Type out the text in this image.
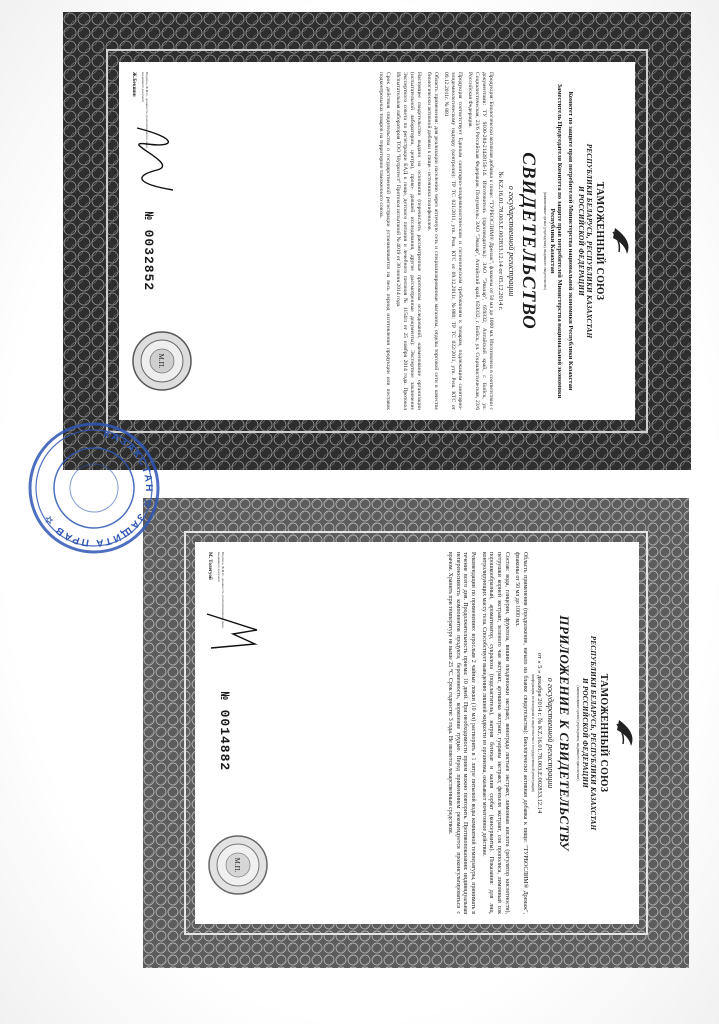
ТАМОЖЕННЫЙ СОЮЗ
РЕСПУБЛИКИ БЕЛАРУСЬ, РЕСПУБЛИКИ КАЗАХСТАН
И РОССИЙСКОЙ ФЕДЕРАЦИИ
Комитет по защите прав потребителей Министерства национальной экономики Республики Казахстан
Заместитель Председателя Комитета по защите прав потребителей Министерства национальной экономики Республики Казахстан
(наименование органа (учреждения), выдавшего свидетельство)
СВИДЕТЕЛЬСТВО
о государственной регистрации
№ KZ.16.01.78.003.E.002833.12.14 от 05.12.2014 г.
Продукция: Биологически активная добавка к пище: "ТУРБОСЛИМ® Дренаж", флаконы от 50 мл до 1000 мл. Изготовлена в соответствии с документами: ТУ 9100-284-21428156-14. Изготовитель (производитель): ЗАО "Эвалар", 659332, Алтайский край, г. Бийск, ул. Социалистическая, 23/6 Российская Федерация. Получатель: ЗАО "Эвалар", Алтайский край, 659332, г. Бийск, ул. Социалистическая, 23/6 Российская Федерация.
Продукция соответствует Единым санитарно-эпидемиологическим и гигиеническим требованиям к товарам, подлежащим санитарно-эпидемиологическому надзору (контролю): ТР ТС 021/2011, утв. Реш. КТС от 09.12.2011г. №880; ТР ТС 022/2011, утв. Реш. КТС от 09.12.2011г. № 881
Область применения: для реализации населению через аптечную сеть и специализированные магазины, отделы торговой сети в качестве биологически активной добавки к пище - источника полифенолов.
Настоящее свидетельство выдано на основании (перечислить рассмотренные протоколы исследований, наименование организации (испытательной лаборатории, центра), прово- дившей исследования, другие рассмотренные документы): Экспертное заключение Экспертного совета по регистрации БАД к пище, детского питания и лечебного питания № 1154/п от 25 ноября 2014 года. Протокол Испытательная лаборатория ТОО "Нутритест" Протокол испытаний № 4019 от 30 июня 2014 года.
Срок действия свидетельства о государственной регистрации устанавливается на весь период изготовления продукции или поставок подконтрольных товаров на территорию таможенного союза.
Подпись, Ф.И.О., должность уполномоченного лица, выдавшего документ
Ж.Бекшин
№ 0032852
М.П.
ТАМОЖЕННЫЙ СОЮЗ
РЕСПУБЛИКИ БЕЛАРУСЬ, РЕСПУБЛИКИ КАЗАХСТАН
И РОССИЙСКОЙ ФЕДЕРАЦИИ
(наименование органа (учреждения), выдавшего приложение)
ПРИЛОЖЕНИЕ К СВИДЕТЕЛЬСТВУ
о государственной регистрации
от « 5 » декабря 2014 г. № KZ.16.01.78.003.E.002833.12.14
(информация, не вошедшая в свидетельство о государственной регистрации)
Область применения (продолжение, начало на бланке свидетельства): Биологически активная добавка к пище: "ТУРБОСЛИМ® Дренаж", флаконы от 50 мл до 1000 мл.
Состав: вода, глицерин, фруктоза, вишни плодоножки экстракт, винограда листьев экстракт, лимонная кислота (регулятор кислотности), петрушки корней экстракт, зеленого чая экстракт, артишока экстракт, гуараны экстракт, фенхеля экстракт, сок прополиса, лимонный сок порошкообразный, ароматизатор, сукралоза (подсластитель), натрия бензоат и калия сорбат (консерванты). Показания: для лиц, контролирующих массу тела. Способствует выведению лишней жидкости из организма, оказывает мочегонное действие.
Рекомендации по применению: взрослым 2 чайные ложки (10 мл) растворить в 1 литре питьевой воды комнатной температуры, принимать в течение всего дня. Продолжительность приема: 10 дней. При необходимости прием можно повторить. Противопоказания: индивидуальная непереносимость компонентов продукта, беременность, кормление грудью. Перед применением рекомендуется проконсультироваться с врачом. Хранить при температуре не выше 25 °С. Срок годности: 3 года. Не является лекарственным средством.
Подпись, Ф.И.О., должность уполномоченного лица, выдавшего документ
М. Толегуой
№ 0014882
М.П.
КАЗАКСТАН ☆ ЗАЩИТА ПРАВ ☆
